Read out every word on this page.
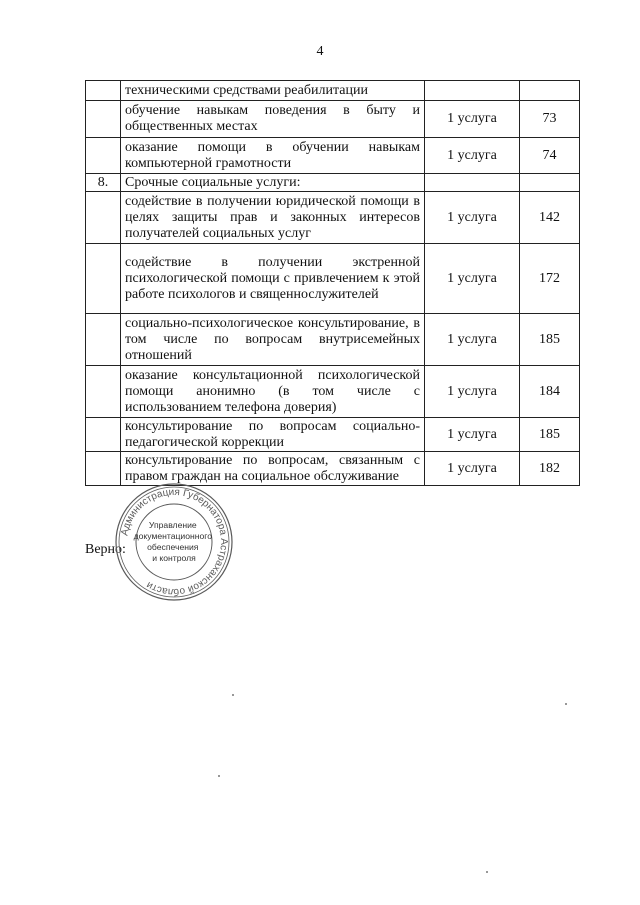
4
	техническими средствами реабилитации		
	обучение навыкам поведения в быту и общественных местах	1 услуга	73
	оказание помощи в обучении навыкам компьютерной грамотности	1 услуга	74
8.	Срочные социальные услуги:		
	содействие в получении юридической помощи в целях защиты прав и законных интересов получателей социальных услуг	1 услуга	142
	содействие в получении экстренной психологической помощи с привлечением к этой работе психологов и священнослужителей	1 услуга	172
	социально-психологическое консультирование, в том числе по вопросам внутрисемейных отношений	1 услуга	185
	оказание консультационной психологической помощи анонимно (в том числе с использованием телефона доверия)	1 услуга	184
	консультирование по вопросам социально-педагогической коррекции	1 услуга	185
	консультирование по вопросам, связанным с правом граждан на социальное обслуживание	1 услуга	182
Верно:
Администрация Губернатора Астраханской области
Управление документационного обеспечения и контроля
